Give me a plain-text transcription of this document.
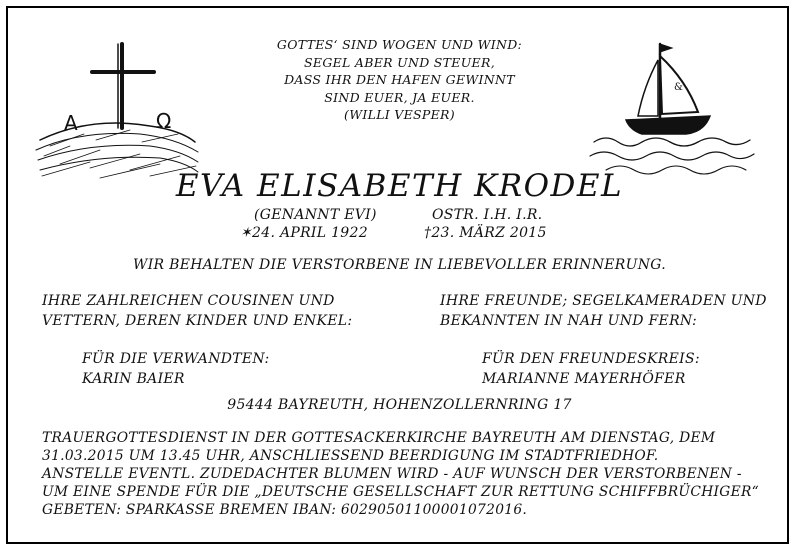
A	Ω
&
GOTTES‘ SIND WOGEN UND WIND:
SEGEL ABER UND STEUER,
DASS IHR DEN HAFEN GEWINNT
SIND EUER, JA EUER.
(WILLI VESPER)
EVA ELISABETH KRODEL
(GENANNT EVI)	OSTR. I.H. I.R.
✶24. APRIL 1922	†23. MÄRZ 2015
WIR BEHALTEN DIE VERSTORBENE IN LIEBEVOLLER ERINNERUNG.
IHRE ZAHLREICHEN COUSINEN UND
VETTERN, DEREN KINDER UND ENKEL:
IHRE FREUNDE; SEGELKAMERADEN UND
BEKANNTEN IN NAH UND FERN:
FÜR DIE VERWANDTEN:
KARIN BAIER
FÜR DEN FREUNDESKREIS:
MARIANNE MAYERHÖFER
95444 BAYREUTH, HOHENZOLLERNRING 17
TRAUERGOTTESDIENST IN DER GOTTESACKERKIRCHE BAYREUTH AM DIENSTAG, DEM
31.03.2015 UM 13.45 UHR, ANSCHLIESSEND BEERDIGUNG IM STADTFRIEDHOF.
ANSTELLE EVENTL. ZUDEDACHTER BLUMEN WIRD - AUF WUNSCH DER VERSTORBENEN -
UM EINE SPENDE FÜR DIE „DEUTSCHE GESELLSCHAFT ZUR RETTUNG SCHIFFBRÜCHIGER“
GEBETEN: SPARKASSE BREMEN IBAN: 60290501100001072016.
